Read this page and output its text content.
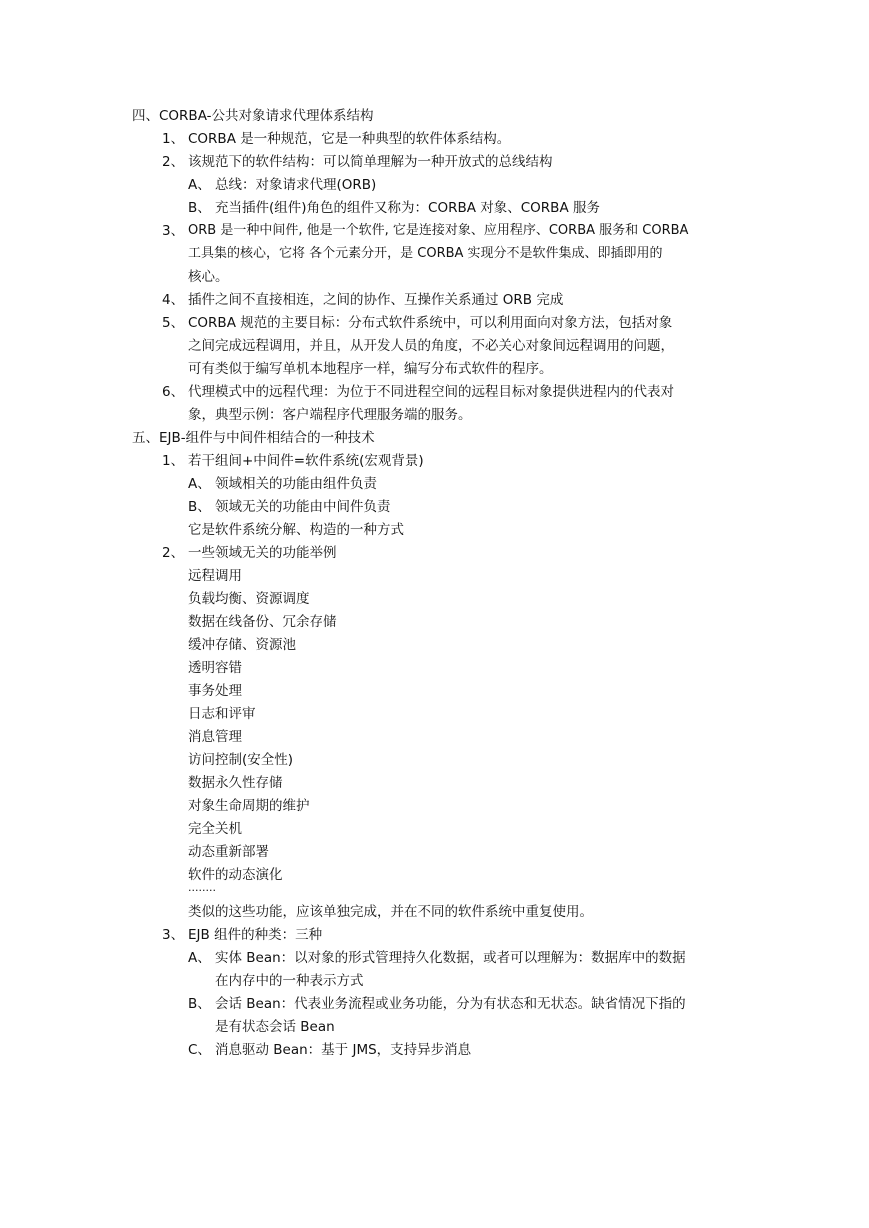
四、CORBA-公共对象请求代理体系结构
1、 CORBA 是一种规范，它是一种典型的软件体系结构。
2、 该规范下的软件结构：可以简单理解为一种开放式的总线结构
A、 总线：对象请求代理(ORB)
B、 充当插件(组件)角色的组件又称为：CORBA 对象、CORBA 服务
3、 ORB 是一种中间件, 他是一个软件, 它是连接对象、应用程序、CORBA 服务和 CORBA
工具集的核心，它将 各个元素分开，是 CORBA 实现分不是软件集成、即插即用的
核心。
4、 插件之间不直接相连，之间的协作、互操作关系通过 ORB 完成
5、 CORBA 规范的主要目标：分布式软件系统中，可以利用面向对象方法，包括对象
之间完成远程调用，并且，从开发人员的角度，不必关心对象间远程调用的问题，
可有类似于编写单机本地程序一样，编写分布式软件的程序。
6、 代理模式中的远程代理：为位于不同进程空间的远程目标对象提供进程内的代表对
象，典型示例：客户端程序代理服务端的服务。
五、EJB-组件与中间件相结合的一种技术
1、 若干组间+中间件=软件系统(宏观背景)
A、 领域相关的功能由组件负责
B、 领域无关的功能由中间件负责
它是软件系统分解、构造的一种方式
2、 一些领域无关的功能举例
远程调用
负载均衡、资源调度
数据在线备份、冗余存储
缓冲存储、资源池
透明容错
事务处理
日志和评审
消息管理
访问控制(安全性)
数据永久性存储
对象生命周期的维护
完全关机
动态重新部署
软件的动态演化
........
类似的这些功能，应该单独完成，并在不同的软件系统中重复使用。
3、 EJB 组件的种类：三种
A、 实体 Bean：以对象的形式管理持久化数据，或者可以理解为：数据库中的数据
在内存中的一种表示方式
B、 会话 Bean：代表业务流程或业务功能，分为有状态和无状态。缺省情况下指的
是有状态会话 Bean
C、 消息驱动 Bean：基于 JMS，支持异步消息
